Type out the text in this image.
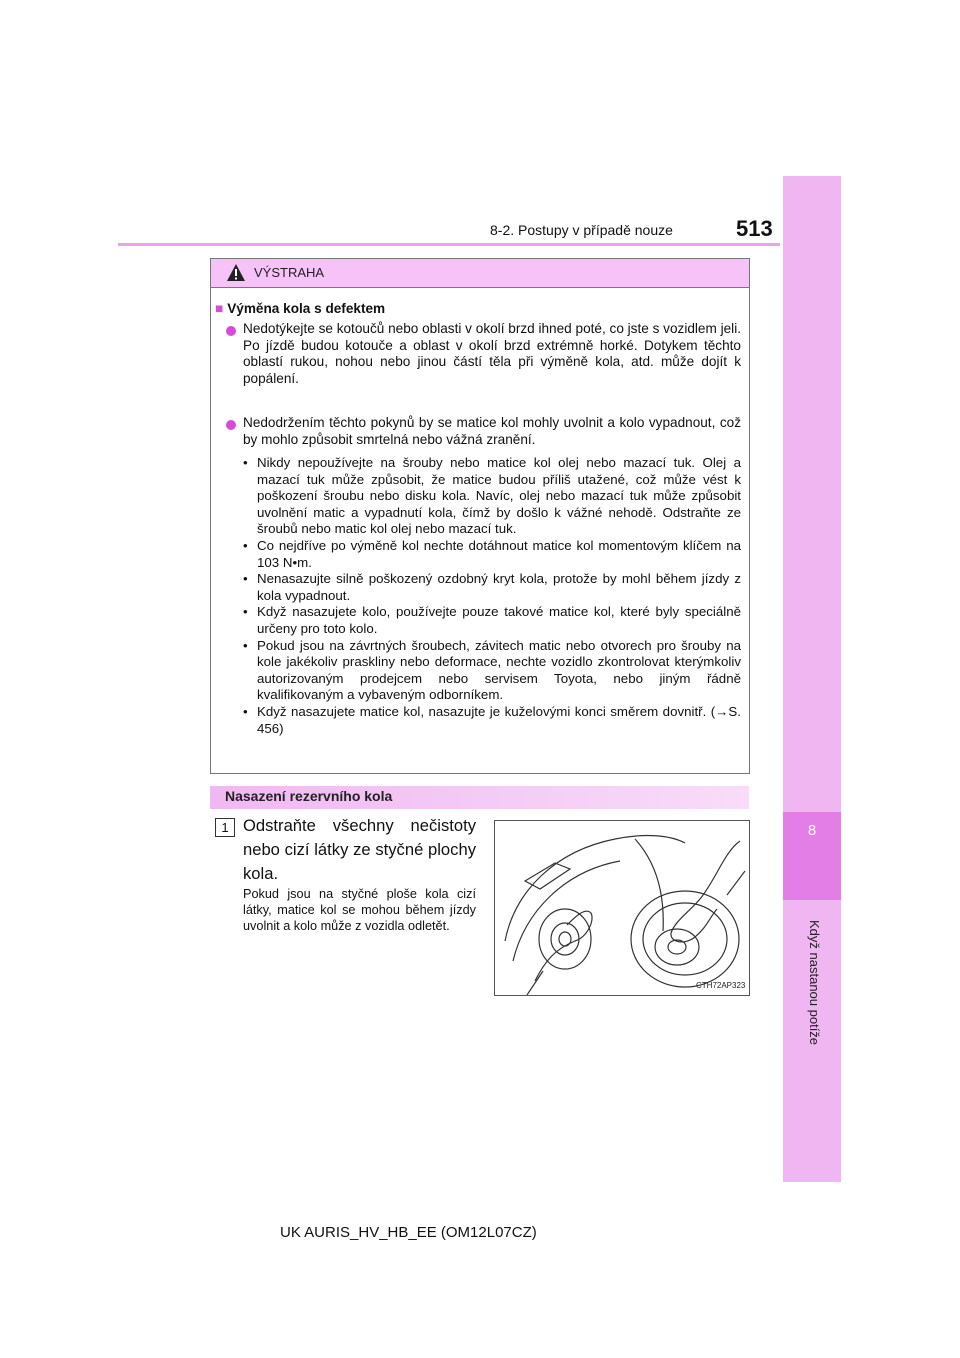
8-2. Postupy v případě nouze	513
8
Když nastanou potíže
VÝSTRAHA
■ Výměna kola s defektem
Nedotýkejte se kotoučů nebo oblasti v okolí brzd ihned poté, co jste s vozidlem jeli. Po jízdě budou kotouče a oblast v okolí brzd extrémně horké. Dotykem těchto oblastí rukou, nohou nebo jinou částí těla při výměně kola, atd. může dojít k popálení.
Nedodržením těchto pokynů by se matice kol mohly uvolnit a kolo vypadnout, což by mohlo způsobit smrtelná nebo vážná zranění.
• Nikdy nepoužívejte na šrouby nebo matice kol olej nebo mazací tuk. Olej a mazací tuk může způsobit, že matice budou příliš utažené, což může vést k poškození šroubu nebo disku kola. Navíc, olej nebo mazací tuk může způsobit uvolnění matic a vypadnutí kola, čímž by došlo k vážné nehodě. Odstraňte ze šroubů nebo matic kol olej nebo mazací tuk.
• Co nejdříve po výměně kol nechte dotáhnout matice kol momentovým klíčem na 103 N•m.
• Nenasazujte silně poškozený ozdobný kryt kola, protože by mohl během jízdy z kola vypadnout.
• Když nasazujete kolo, používejte pouze takové matice kol, které byly speciálně určeny pro toto kolo.
• Pokud jsou na závrtných šroubech, závitech matic nebo otvorech pro šrouby na kole jakékoliv praskliny nebo deformace, nechte vozidlo zkontrolovat kterýmkoliv autorizovaným prodejcem nebo servisem Toyota, nebo jiným řádně kvalifikovaným a vybaveným odborníkem.
• Když nasazujete matice kol, nasazujte je kuželovými konci směrem dovnitř. (→S. 456)
Nasazení rezervního kola
1 Odstraňte všechny nečistoty nebo cizí látky ze styčné plochy kola.
Pokud jsou na styčné ploše kola cizí látky, matice kol se mohou během jízdy uvolnit a kolo může z vozidla odletět.
CTH72AP323
UK AURIS_HV_HB_EE (OM12L07CZ)
